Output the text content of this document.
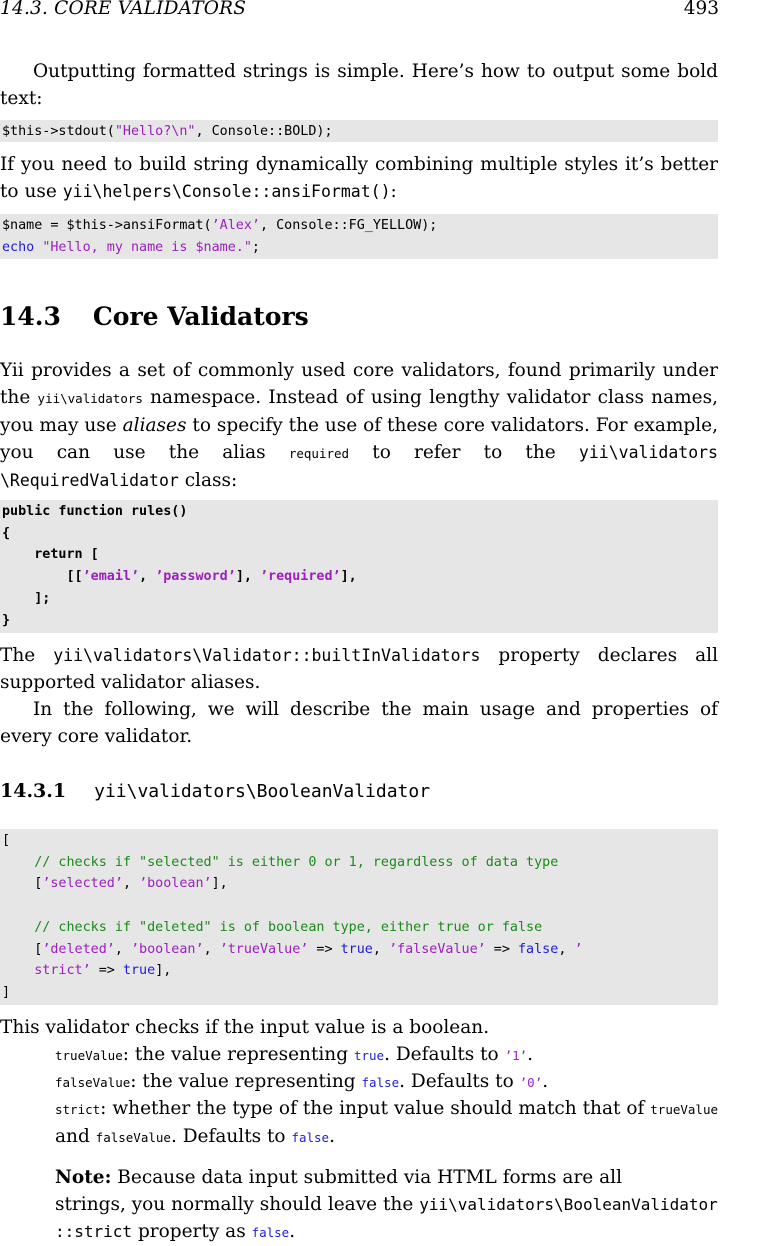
14.3. CORE VALIDATORS	493
Outputting formatted strings is simple. Here’s how to output some bold text:
$this->stdout("Hello?\n", Console::BOLD);
If you need to build string dynamically combining multiple styles it’s better to use yii\helpers\Console::ansiFormat():
$name = $this->ansiFormat(’Alex’, Console::FG_YELLOW);
echo "Hello, my name is $name.";
14.3 Core Validators
Yii provides a set of commonly used core validators, found primarily under the yii\validators namespace. Instead of using lengthy validator class names, you may use aliases to specify the use of these core validators. For example, you can use the alias required to refer to the yii\validators \RequiredValidator class:
public function rules()
{
return [
[[’email’, ’password’], ’required’],
];
}
The yii\validators\Validator::builtInValidators property declares all supported validator aliases.
In the following, we will describe the main usage and properties of every core validator.
14.3.1 yii\validators\BooleanValidator
[
// checks if "selected" is either 0 or 1, regardless of data type
[’selected’, ’boolean’],

// checks if "deleted" is of boolean type, either true or false
[’deleted’, ’boolean’, ’trueValue’ => true, ’falseValue’ => false, ’
strict’ => true],
]
This validator checks if the input value is a boolean.
trueValue: the value representing true. Defaults to ’1’.
falseValue: the value representing false. Defaults to ’0’.
strict: whether the type of the input value should match that of trueValue and falseValue. Defaults to false.
Note: Because data input submitted via HTML forms are all
strings, you normally should leave the yii\validators\BooleanValidator
::strict property as false.
